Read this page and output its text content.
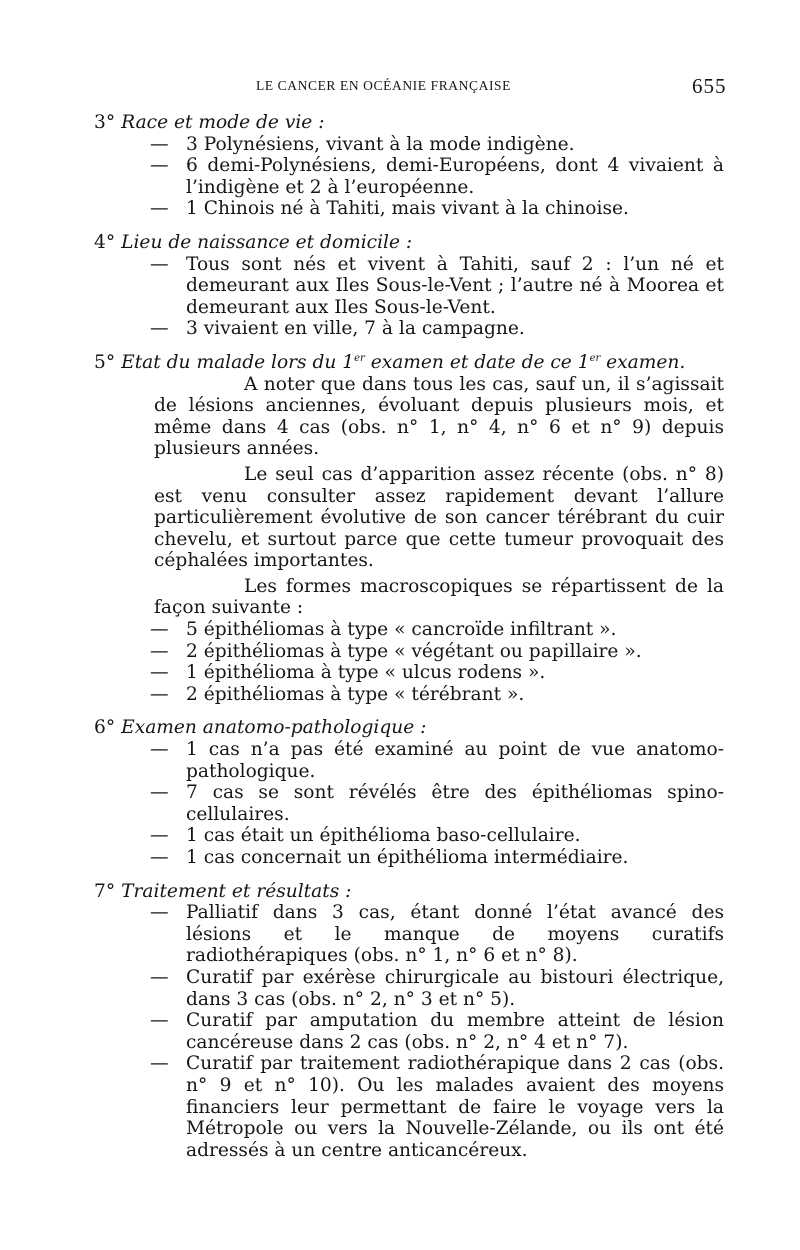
LE CANCER EN OCÉANIE FRANÇAISE	655
3° Race et mode de vie :
— 3 Polynésiens, vivant à la mode indigène.
— 6 demi-Polynésiens, demi-Européens, dont 4 vivaient à l’indigène et 2 à l’européenne.
— 1 Chinois né à Tahiti, mais vivant à la chinoise.
4° Lieu de naissance et domicile :
— Tous sont nés et vivent à Tahiti, sauf 2 : l’un né et demeurant aux Iles Sous-le-Vent ; l’autre né à Moorea et demeurant aux Iles Sous-le-Vent.
— 3 vivaient en ville, 7 à la campagne.
5° Etat du malade lors du 1er examen et date de ce 1er examen.

A noter que dans tous les cas, sauf un, il s’agissait de lésions anciennes, évoluant depuis plusieurs mois, et même dans 4 cas (obs. n° 1, n° 4, n° 6 et n° 9) depuis plusieurs années.

Le seul cas d’apparition assez récente (obs. n° 8) est venu consulter assez rapidement devant l’allure particulièrement évolutive de son cancer térébrant du cuir chevelu, et surtout parce que cette tumeur provoquait des céphalées importantes.

Les formes macroscopiques se répartissent de la façon suivante :

— 5 épithéliomas à type « cancroïde infiltrant ».
— 2 épithéliomas à type « végétant ou papillaire ».
— 1 épithélioma à type « ulcus rodens ».
— 2 épithéliomas à type « térébrant ».
6° Examen anatomo-pathologique :
— 1 cas n’a pas été examiné au point de vue anatomo-pathologique.
— 7 cas se sont révélés être des épithéliomas spino-cellulaires.
— 1 cas était un épithélioma baso-cellulaire.
— 1 cas concernait un épithélioma intermédiaire.
7° Traitement et résultats :
— Palliatif dans 3 cas, étant donné l’état avancé des lésions et le manque de moyens curatifs radiothérapiques (obs. n° 1, n° 6 et n° 8).
— Curatif par exérèse chirurgicale au bistouri électrique, dans 3 cas (obs. n° 2, n° 3 et n° 5).
— Curatif par amputation du membre atteint de lésion cancéreuse dans 2 cas (obs. n° 2, n° 4 et n° 7).
— Curatif par traitement radiothérapique dans 2 cas (obs. n° 9 et n° 10). Ou les malades avaient des moyens financiers leur permettant de faire le voyage vers la Métropole ou vers la Nouvelle-Zélande, ou ils ont été adressés à un centre anticancéreux.
